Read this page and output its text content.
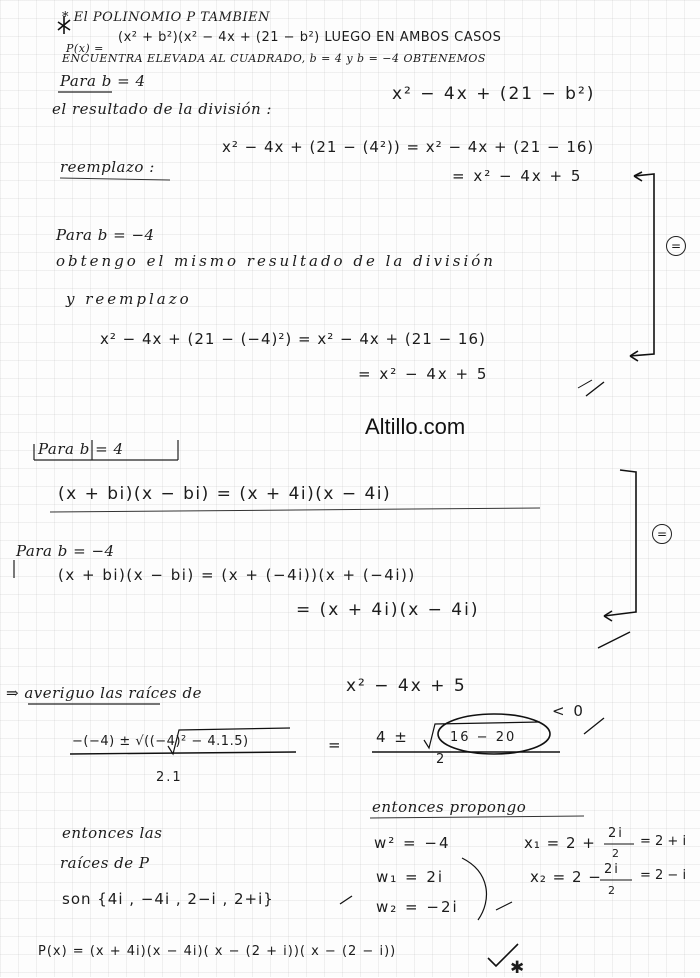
* El POLINOMIO P TAMBIEN
P(x) =
(x² + b²)(x² − 4x + (21 − b²) LUEGO EN AMBOS CASOS
ENCUENTRA ELEVADA AL CUADRADO, b = 4 y b = −4 OBTENEMOS
Para b = 4
el resultado de la división :
x² − 4x + (21 − b²)
reemplazo :
x² − 4x + (21 − (4²)) = x² − 4x + (21 − 16)
= x² − 4x + 5
Para b = −4
obtengo el mismo resultado de la división
y reemplazo
x² − 4x + (21 − (−4)²) = x² − 4x + (21 − 16)
= x² − 4x + 5
=
Altillo.com
Para b = 4
(x + bi)(x − bi) = (x + 4i)(x − 4i)
Para b = −4
(x + bi)(x − bi) = (x + (−4i))(x + (−4i))
= (x + 4i)(x − 4i)
=
⇒ averiguo las raíces de	x² − 4x + 5
−(−4) ± √((−4)² − 4.1.5)
2.1
= 4 ±	16 − 20
< 0
2
entonces propongo
w² = −4
w₁ = 2i
w₂ = −2i
x₁ = 2 +
2i
2
= 2 + i
x₂ = 2 − 2i
2
= 2 − i
entonces las
raíces de P
son {4i , −4i , 2−i , 2+i}
P(x) = (x + 4i)(x − 4i)( x − (2 + i))( x − (2 − i))
✱
